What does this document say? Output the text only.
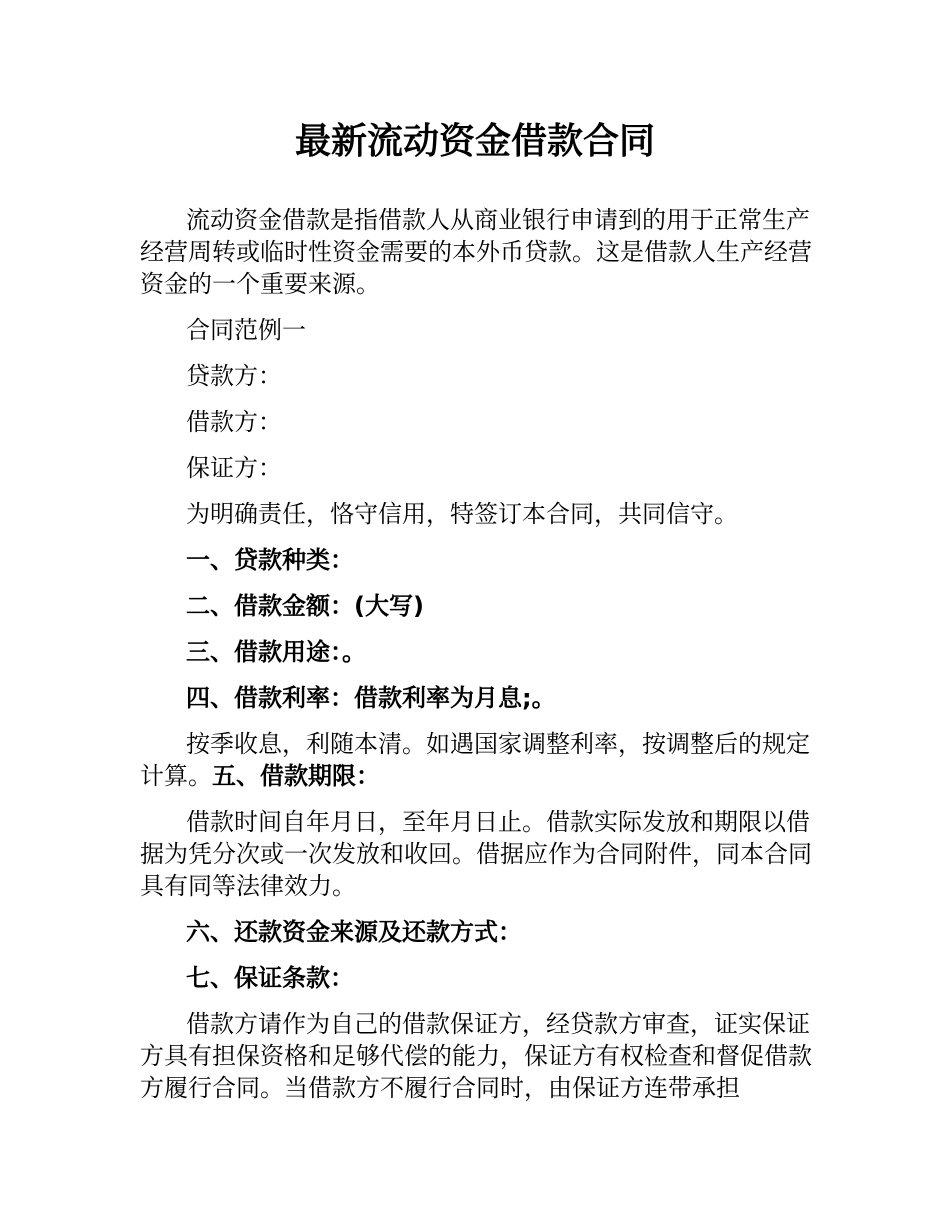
最新流动资金借款合同

流动资金借款是指借款人从商业银行申请到的用于正常生产经营周转或临时性资金需要的本外币贷款。这是借款人生产经营资金的一个重要来源。

合同范例一

贷款方：

借款方：

保证方：

为明确责任，恪守信用，特签订本合同，共同信守。

一、贷款种类：

二、借款金额：(大写)

三、借款用途：。

四、借款利率：借款利率为月息;。

按季收息，利随本清。如遇国家调整利率，按调整后的规定计算。五、借款期限：

借款时间自年月日，至年月日止。借款实际发放和期限以借据为凭分次或一次发放和收回。借据应作为合同附件，同本合同具有同等法律效力。

六、还款资金来源及还款方式：

七、保证条款：

借款方请作为自己的借款保证方，经贷款方审查，证实保证方具有担保资格和足够代偿的能力，保证方有权检查和督促借款方履行合同。当借款方不履行合同时，由保证方连带承担
